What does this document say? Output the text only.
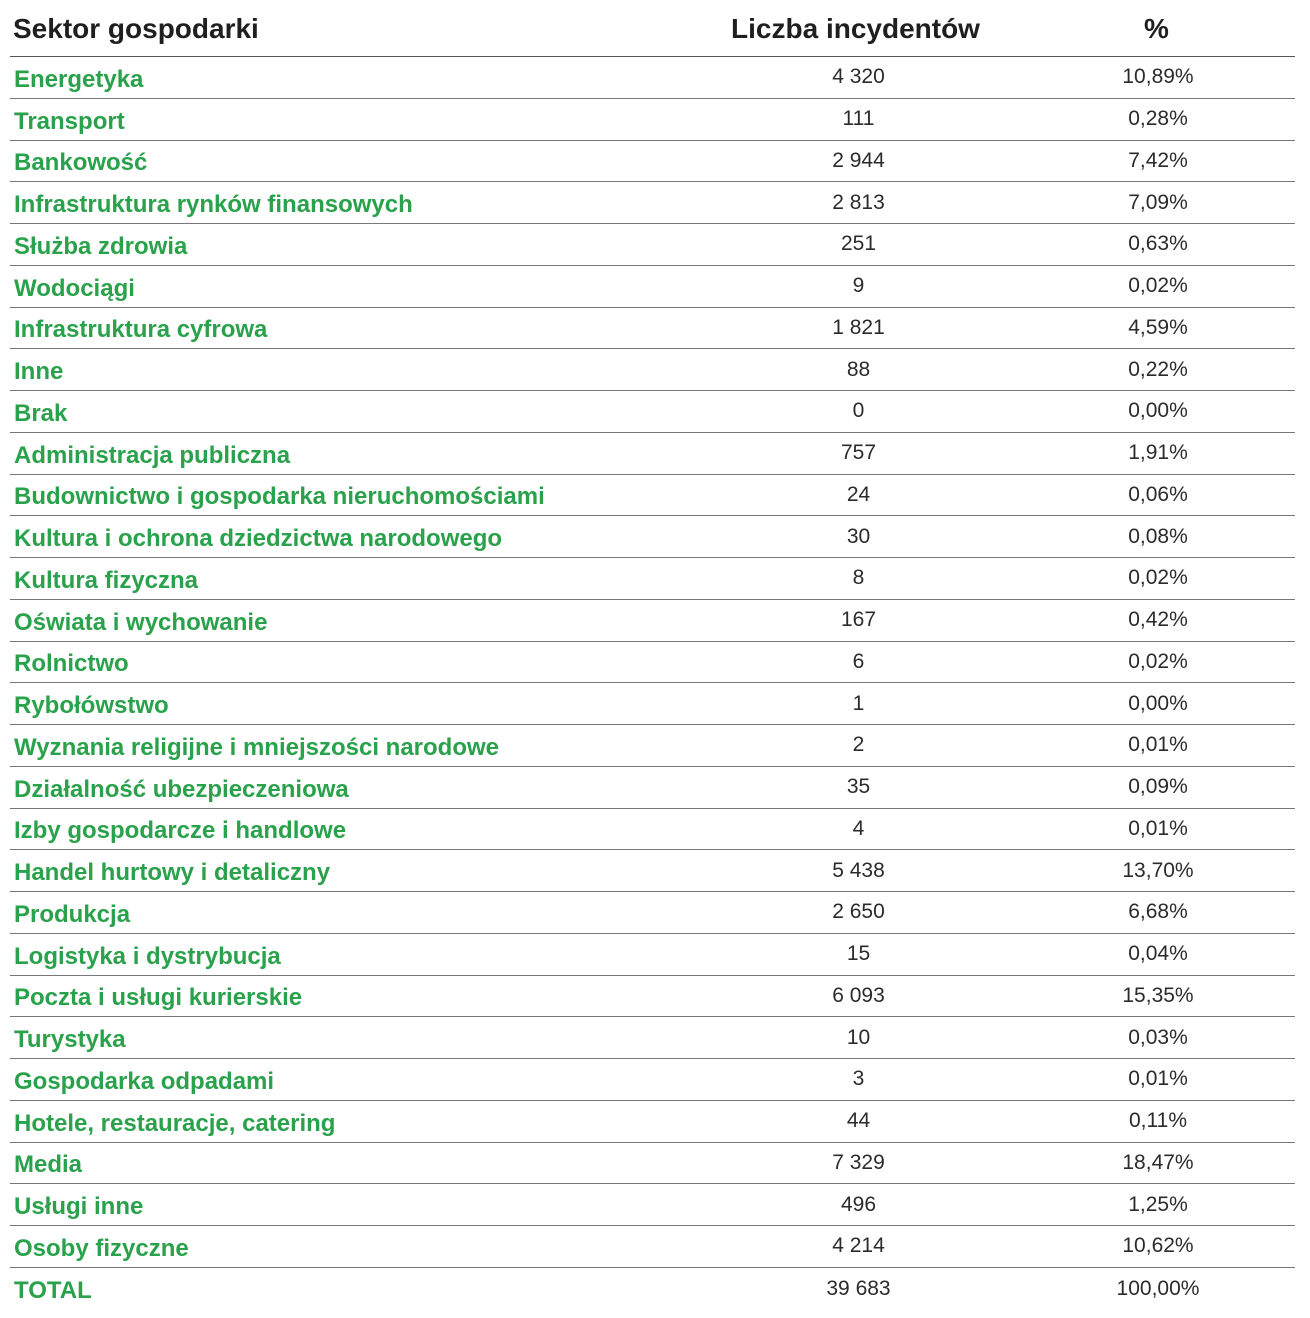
Sektor gospodarki	Liczba incydentów	%
Energetyka	4 320	10,89%
Transport	111	0,28%
Bankowość	2 944	7,42%
Infrastruktura rynków finansowych	2 813	7,09%
Służba zdrowia	251	0,63%
Wodociągi	9	0,02%
Infrastruktura cyfrowa	1 821	4,59%
Inne	88	0,22%
Brak	0	0,00%
Administracja publiczna	757	1,91%
Budownictwo i gospodarka nieruchomościami	24	0,06%
Kultura i ochrona dziedzictwa narodowego	30	0,08%
Kultura fizyczna	8	0,02%
Oświata i wychowanie	167	0,42%
Rolnictwo	6	0,02%
Rybołówstwo	1	0,00%
Wyznania religijne i mniejszości narodowe	2	0,01%
Działalność ubezpieczeniowa	35	0,09%
Izby gospodarcze i handlowe	4	0,01%
Handel hurtowy i detaliczny	5 438	13,70%
Produkcja	2 650	6,68%
Logistyka i dystrybucja	15	0,04%
Poczta i usługi kurierskie	6 093	15,35%
Turystyka	10	0,03%
Gospodarka odpadami	3	0,01%
Hotele, restauracje, catering	44	0,11%
Media	7 329	18,47%
Usługi inne	496	1,25%
Osoby fizyczne	4 214	10,62%
TOTAL	39 683	100,00%
